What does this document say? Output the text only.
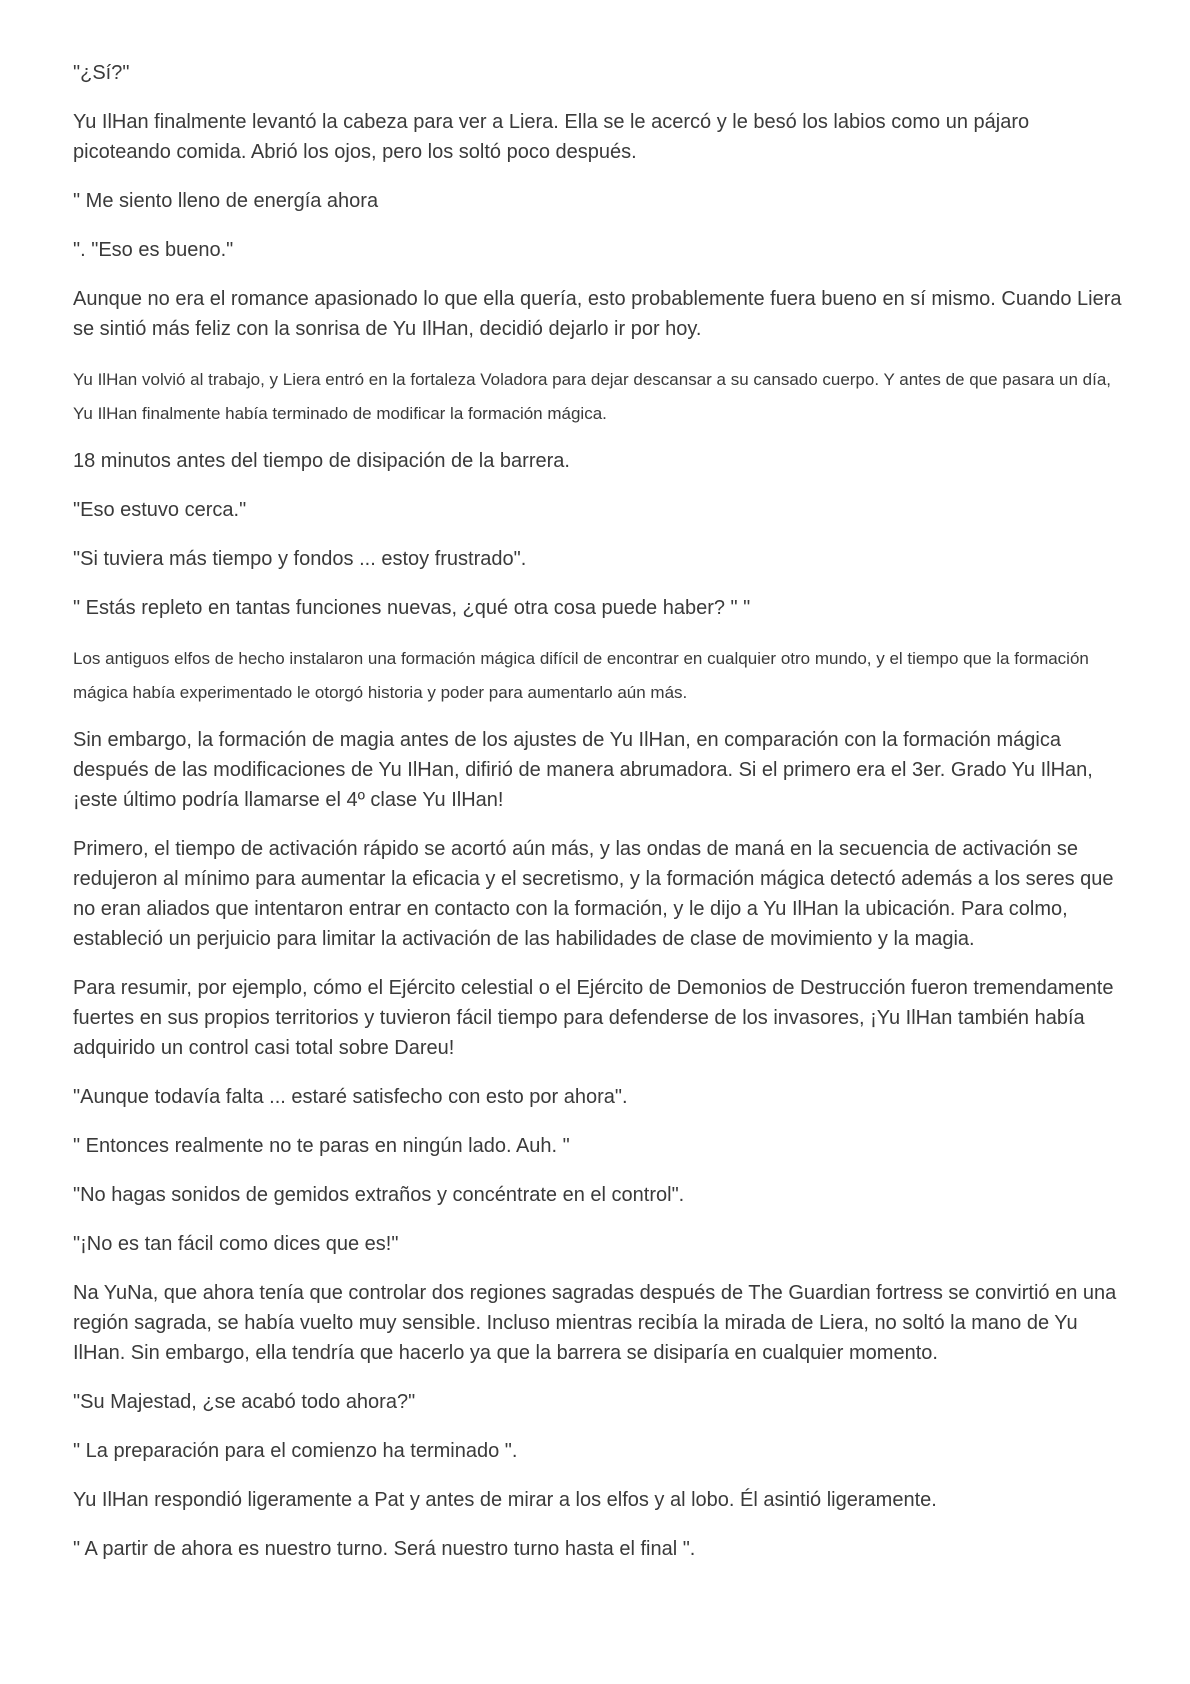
"¿Sí?"

Yu IlHan finalmente levantó la cabeza para ver a Liera. Ella se le acercó y le besó los labios como un pájaro picoteando comida. Abrió los ojos, pero los soltó poco después.

" Me siento lleno de energía ahora

". "Eso es bueno."

Aunque no era el romance apasionado lo que ella quería, esto probablemente fuera bueno en sí mismo. Cuando Liera se sintió más feliz con la sonrisa de Yu IlHan, decidió dejarlo ir por hoy.

Yu IlHan volvió al trabajo, y Liera entró en la fortaleza Voladora para dejar descansar a su cansado cuerpo. Y antes de que pasara un día, Yu IlHan finalmente había terminado de modificar la formación mágica.

18 minutos antes del tiempo de disipación de la barrera.

"Eso estuvo cerca."

"Si tuviera más tiempo y fondos ... estoy frustrado".

" Estás repleto en tantas funciones nuevas, ¿qué otra cosa puede haber? " "

Los antiguos elfos de hecho instalaron una formación mágica difícil de encontrar en cualquier otro mundo, y el tiempo que la formación mágica había experimentado le otorgó historia y poder para aumentarlo aún más.

Sin embargo, la formación de magia antes de los ajustes de Yu IlHan, en comparación con la formación mágica después de las modificaciones de Yu IlHan, difirió de manera abrumadora. Si el primero era el 3er. Grado Yu IlHan, ¡este último podría llamarse el 4º clase Yu IlHan!

Primero, el tiempo de activación rápido se acortó aún más, y las ondas de maná en la secuencia de activación se redujeron al mínimo para aumentar la eficacia y el secretismo, y la formación mágica detectó además a los seres que no eran aliados que intentaron entrar en contacto con la formación, y le dijo a Yu IlHan la ubicación. Para colmo, estableció un perjuicio para limitar la activación de las habilidades de clase de movimiento y la magia.

Para resumir, por ejemplo, cómo el Ejército celestial o el Ejército de Demonios de Destrucción fueron tremendamente fuertes en sus propios territorios y tuvieron fácil tiempo para defenderse de los invasores, ¡Yu IlHan también había adquirido un control casi total sobre Dareu!

"Aunque todavía falta ... estaré satisfecho con esto por ahora".

" Entonces realmente no te paras en ningún lado. Auh. "

"No hagas sonidos de gemidos extraños y concéntrate en el control".

"¡No es tan fácil como dices que es!"

Na YuNa, que ahora tenía que controlar dos regiones sagradas después de The Guardian fortress se convirtió en una región sagrada, se había vuelto muy sensible. Incluso mientras recibía la mirada de Liera, no soltó la mano de Yu IlHan. Sin embargo, ella tendría que hacerlo ya que la barrera se disiparía en cualquier momento.

"Su Majestad, ¿se acabó todo ahora?"

" La preparación para el comienzo ha terminado ".

Yu IlHan respondió ligeramente a Pat y antes de mirar a los elfos y al lobo. Él asintió ligeramente.

" A partir de ahora es nuestro turno. Será nuestro turno hasta el final ".
